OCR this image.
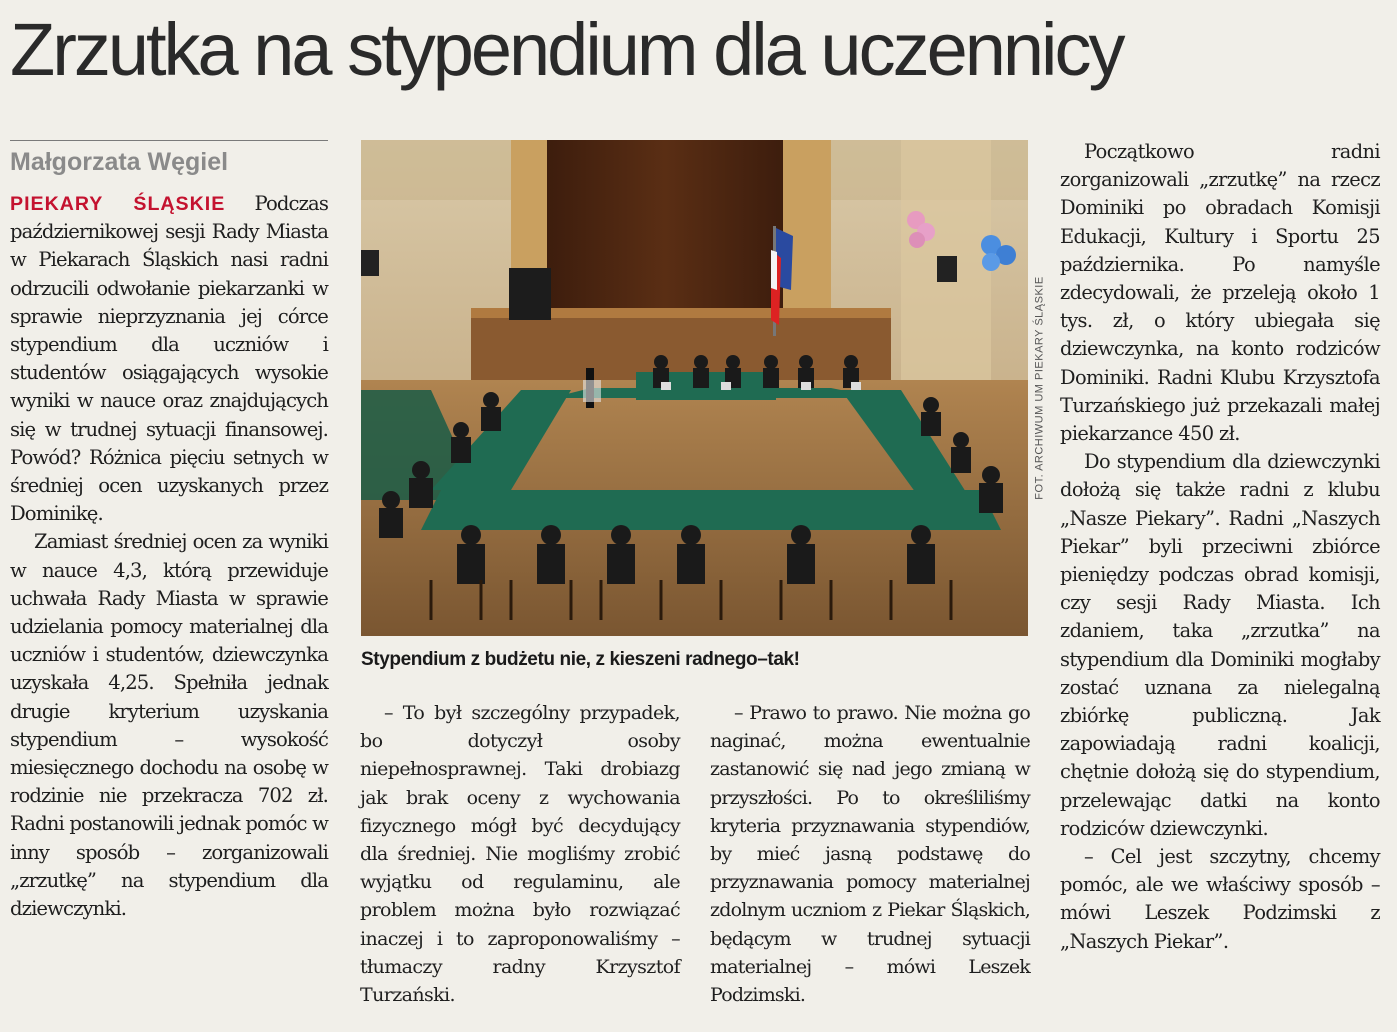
Zrzutka na stypendium dla uczennicy
Małgorzata Węgiel

PIEKARY ŚLĄSKIE Podczas październikowej sesji Rady Miasta w Piekarach Śląskich nasi radni odrzucili odwołanie piekarzanki w sprawie nieprzyznania jej córce stypendium dla uczniów i studentów osiągających wysokie wyniki w nauce oraz znajdujących się w trudnej sytuacji finansowej. Powód? Różnica pięciu setnych w średniej ocen uzyskanych przez Dominikę.

Zamiast średniej ocen za wyniki w nauce 4,3, którą przewiduje uchwała Rady Miasta w sprawie udzielania pomocy materialnej dla uczniów i studentów, dziewczynka uzyskała 4,25. Spełniła jednak drugie kryterium uzyskania stypendium – wysokość miesięcznego dochodu na osobę w rodzinie nie przekracza 702 zł. Radni postanowili jednak pomóc w inny sposób – zorganizowali „zrzutkę” na stypendium dla dziewczynki.

FOT. ARCHIWUM UM PIEKARY ŚLĄSKIE
Stypendium z budżetu nie, z kieszeni radnego–tak!

– To był szczególny przypadek, bo dotyczył osoby niepełnosprawnej. Taki drobiazg jak brak oceny z wychowania fizycznego mógł być decydujący dla średniej. Nie mogliśmy zrobić wyjątku od regulaminu, ale problem można było rozwiązać inaczej i to zaproponowaliśmy – tłumaczy radny Krzysztof Turzański.

– Prawo to prawo. Nie można go naginać, można ewentualnie zastanowić się nad jego zmianą w przyszłości. Po to określiliśmy kryteria przyznawania stypendiów, by mieć jasną podstawę do przyznawania pomocy materialnej zdolnym uczniom z Piekar Śląskich, będącym w trudnej sytuacji materialnej – mówi Leszek Podzimski.

Początkowo radni zorganizowali „zrzutkę” na rzecz Dominiki po obradach Komisji Edukacji, Kultury i Sportu 25 października. Po namyśle zdecydowali, że przeleją około 1 tys. zł, o który ubiegała się dziewczynka, na konto rodziców Dominiki. Radni Klubu Krzysztofa Turzańskiego już przekazali małej piekarzance 450 zł.

Do stypendium dla dziewczynki dołożą się także radni z klubu „Nasze Piekary”. Radni „Naszych Piekar” byli przeciwni zbiórce pieniędzy podczas obrad komisji, czy sesji Rady Miasta. Ich zdaniem, taka „zrzutka” na stypendium dla Dominiki mogłaby zostać uznana za nielegalną zbiórkę publiczną. Jak zapowiadają radni koalicji, chętnie dołożą się do stypendium, przelewając datki na konto rodziców dziewczynki.

– Cel jest szczytny, chcemy pomóc, ale we właściwy sposób – mówi Leszek Podzimski z „Naszych Piekar”.
